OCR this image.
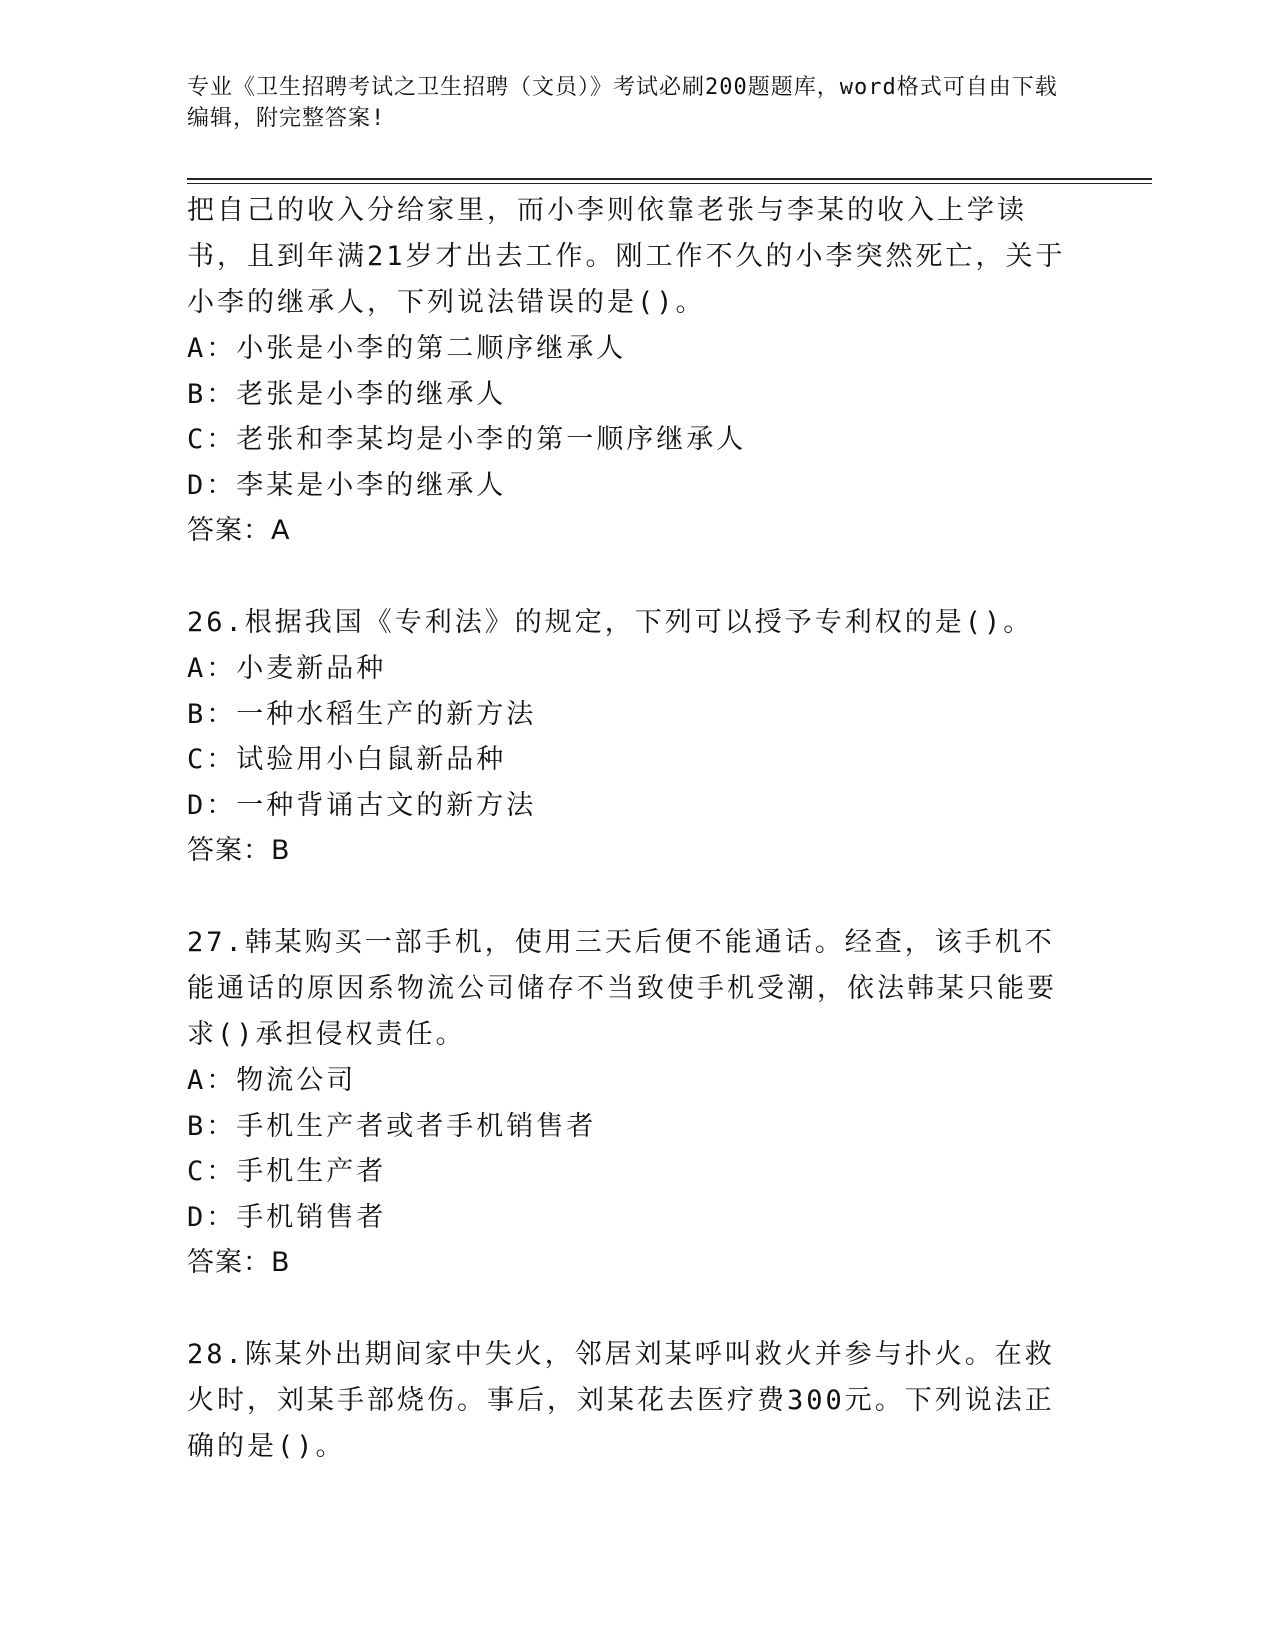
专业《卫生招聘考试之卫生招聘（文员）》考试必刷200题题库，word格式可自由下载编辑，附完整答案!

把自己的收入分给家里，而小李则依靠老张与李某的收入上学读书，且到年满21岁才出去工作。刚工作不久的小李突然死亡，关于小李的继承人，下列说法错误的是()。

A：小张是小李的第二顺序继承人

B：老张是小李的继承人

C：老张和李某均是小李的第一顺序继承人

D：李某是小李的继承人

答案：A

26.根据我国《专利法》的规定，下列可以授予专利权的是()。

A：小麦新品种

B：一种水稻生产的新方法

C：试验用小白鼠新品种

D：一种背诵古文的新方法

答案：B

27.韩某购买一部手机，使用三天后便不能通话。经查，该手机不能通话的原因系物流公司储存不当致使手机受潮，依法韩某只能要求()承担侵权责任。

A：物流公司

B：手机生产者或者手机销售者

C：手机生产者

D：手机销售者

答案：B

28.陈某外出期间家中失火，邻居刘某呼叫救火并参与扑火。在救火时，刘某手部烧伤。事后，刘某花去医疗费300元。下列说法正确的是()。
